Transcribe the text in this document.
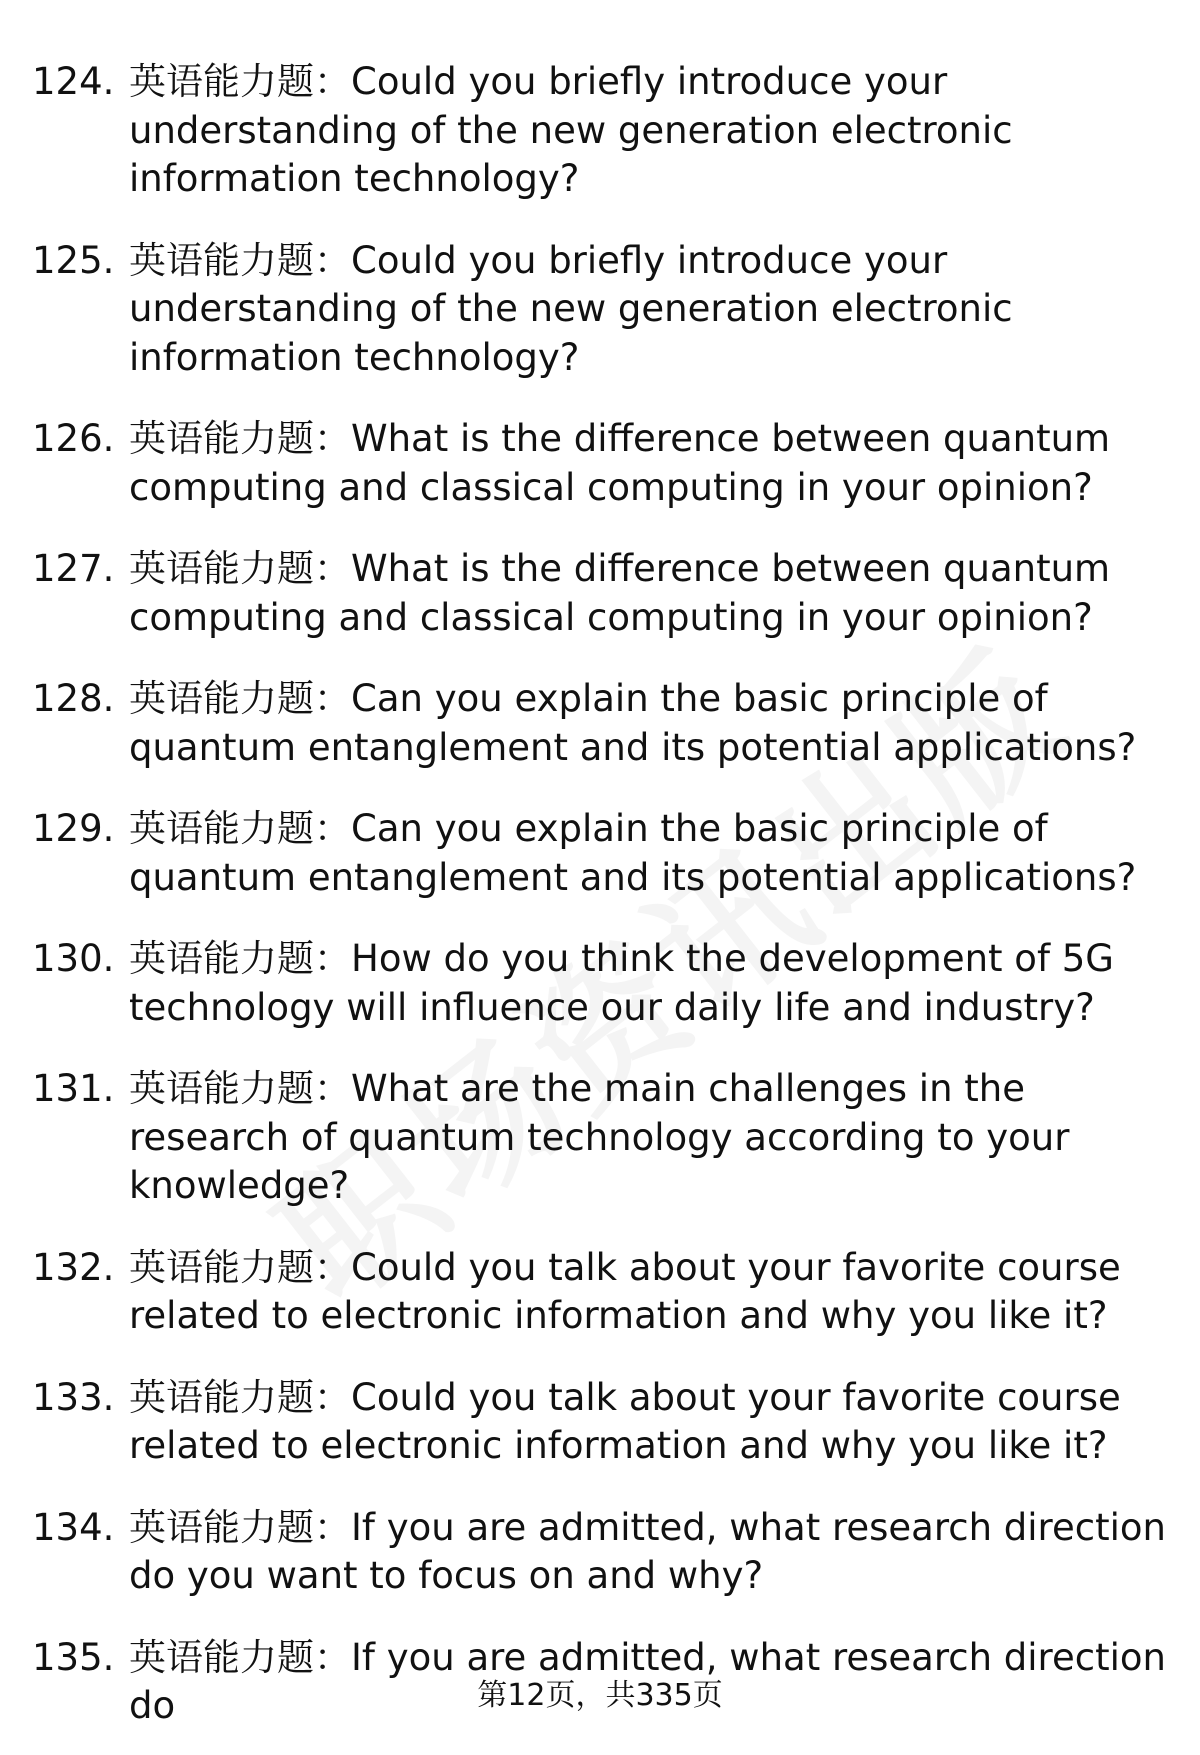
124. 英语能力题：Could you briefly introduce your understanding of the new generation electronic information technology?
125. 英语能力题：Could you briefly introduce your understanding of the new generation electronic information technology?
126. 英语能力题：What is the difference between quantum computing and classical computing in your opinion?
127. 英语能力题：What is the difference between quantum computing and classical computing in your opinion?
128. 英语能力题：Can you explain the basic principle of quantum entanglement and its potential applications?
129. 英语能力题：Can you explain the basic principle of quantum entanglement and its potential applications?
130. 英语能力题：How do you think the development of 5G technology will influence our daily life and industry?
131. 英语能力题：What are the main challenges in the research of quantum technology according to your knowledge?
132. 英语能力题：Could you talk about your favorite course related to electronic information and why you like it?
133. 英语能力题：Could you talk about your favorite course related to electronic information and why you like it?
134. 英语能力题：If you are admitted, what research direction do you want to focus on and why?
135. 英语能力题：If you are admitted, what research direction do	第12页，共335页
